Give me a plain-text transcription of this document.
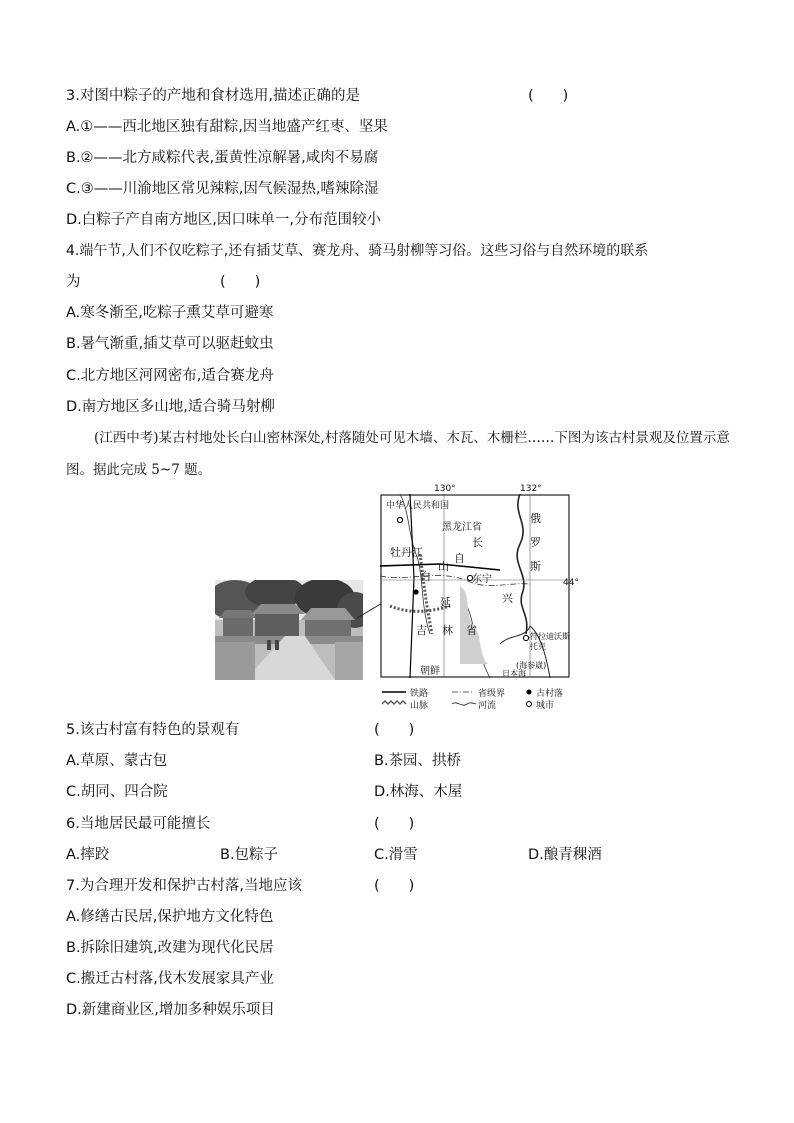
3.对图中粽子的产地和食材选用,描述正确的是	(　　)
A.①——西北地区独有甜粽,因当地盛产红枣、坚果
B.②——北方咸粽代表,蛋黄性凉解暑,咸肉不易腐
C.③——川渝地区常见辣粽,因气候湿热,嗜辣除湿
D.白粽子产自南方地区,因口味单一,分布范围较小
4.端午节,人们不仅吃粽子,还有插艾草、赛龙舟、骑马射柳等习俗。这些习俗与自然环境的联系
为	(　　)
A.寒冬渐至,吃粽子熏艾草可避寒
B.暑气渐重,插艾草可以驱赶蚊虫
C.北方地区河网密布,适合赛龙舟
D.南方地区多山地,适合骑马射柳
(江西中考)某古村地处长白山密林深处,村落随处可见木墙、木瓦、木栅栏……下图为该古村景观及位置示意图。据此完成 5~7 题。
中华人民共和国
130°	132°
44°
黑龙江省
牡丹江
长
自
山
白	东宁
俄
罗
斯
延	兴
吉 林 省	符拉迪沃斯托克
(海参崴)
朝鲜	日本海
铁路	省级界	古村落
山脉	河流	城市
5.该古村富有特色的景观有	(　　)
A.草原、蒙古包	B.茶园、拱桥
C.胡同、四合院	D.林海、木屋
6.当地居民最可能擅长	(　　)
A.摔跤	B.包粽子	C.滑雪	D.酿青稞酒
7.为合理开发和保护古村落,当地应该	(　　)
A.修缮古民居,保护地方文化特色
B.拆除旧建筑,改建为现代化民居
C.搬迁古村落,伐木发展家具产业
D.新建商业区,增加多种娱乐项目
